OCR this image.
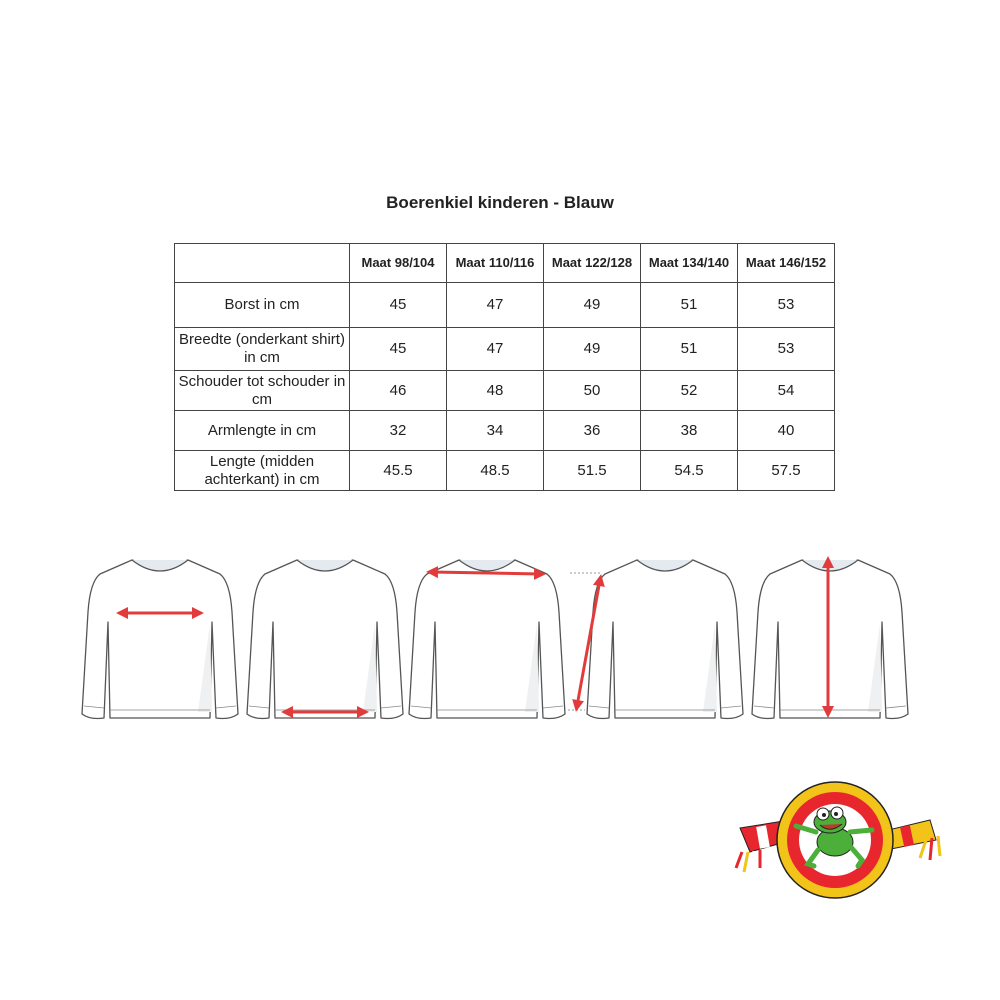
Boerenkiel kinderen - Blauw
	Maat 98/104	Maat 110/116	Maat 122/128	Maat 134/140	Maat 146/152
Borst in cm	45	47	49	51	53
Breedte (onderkant shirt) in cm	45	47	49	51	53
Schouder tot schouder in cm	46	48	50	52	54
Armlengte in cm	32	34	36	38	40
Lengte (midden achterkant) in cm	45.5	48.5	51.5	54.5	57.5
OETELDONKSJAAL.NL
